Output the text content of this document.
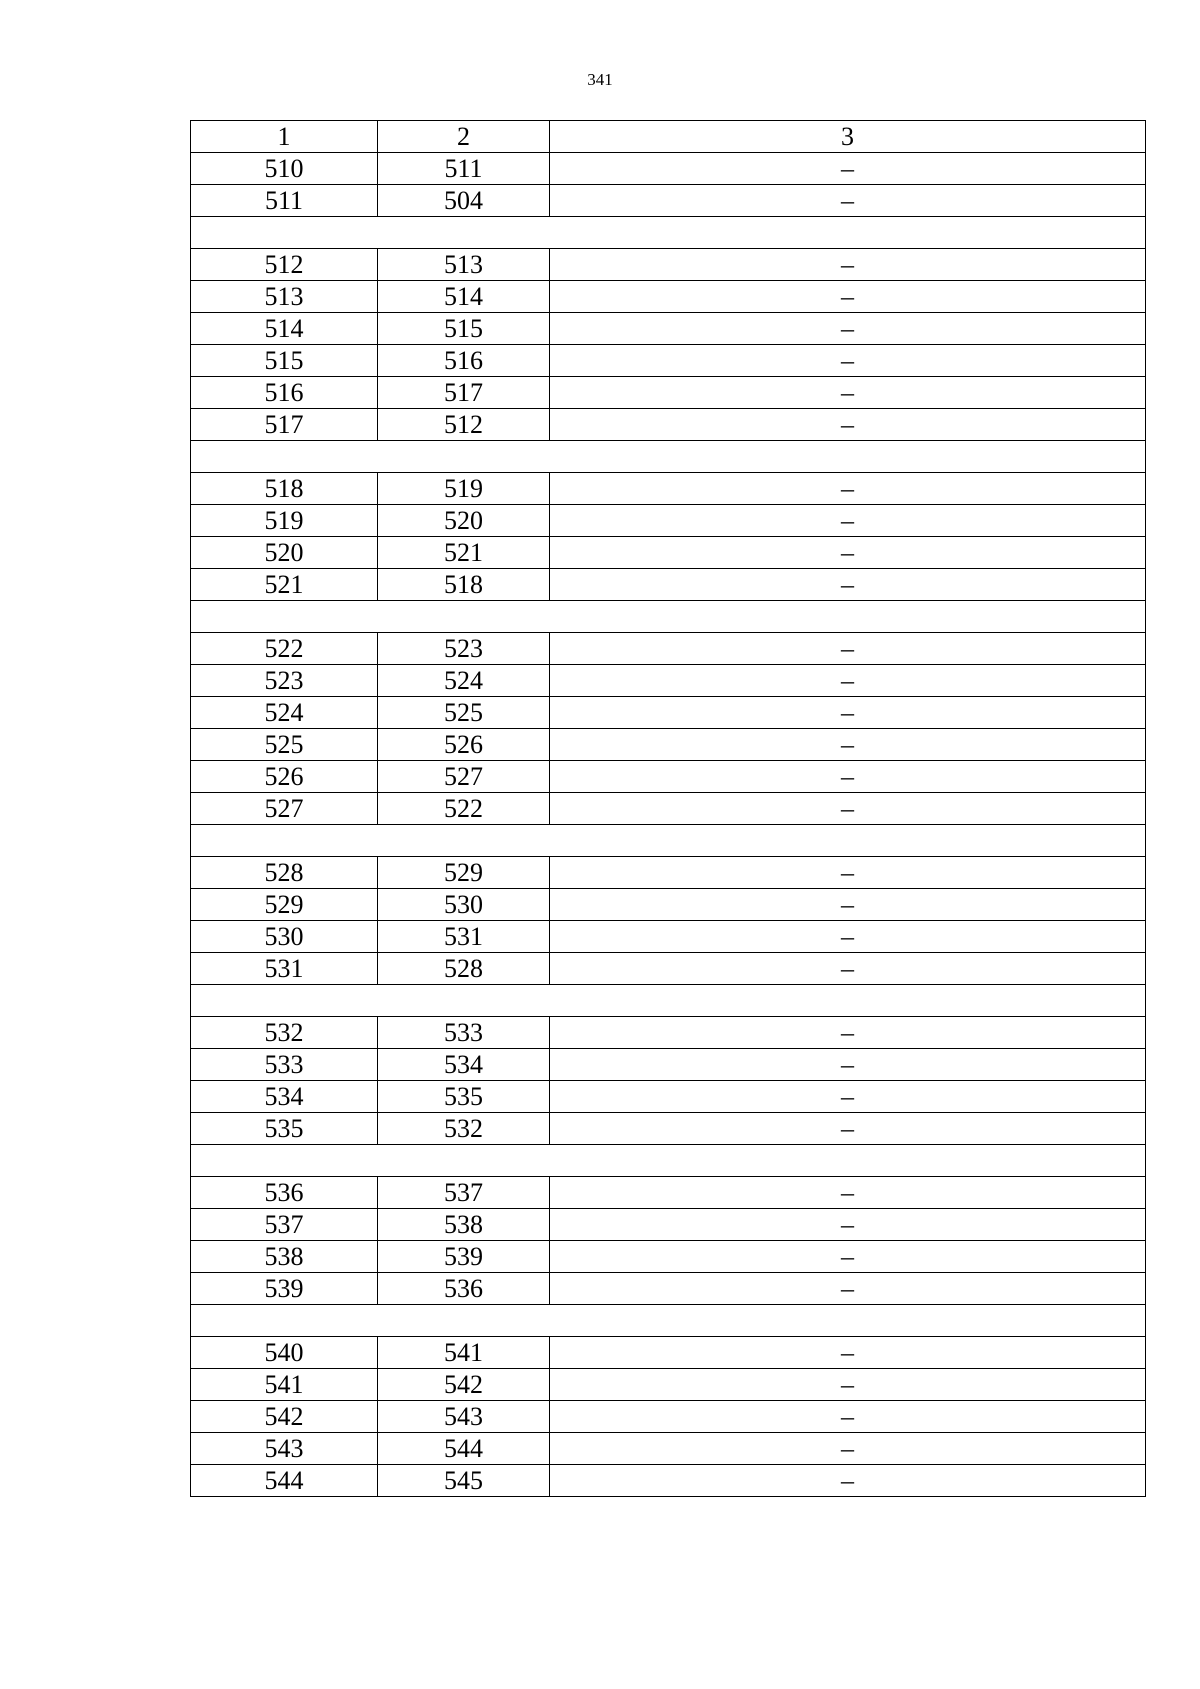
341
1	2	3
510	511	–
511	504	–

512	513	–
513	514	–
514	515	–
515	516	–
516	517	–
517	512	–

518	519	–
519	520	–
520	521	–
521	518	–

522	523	–
523	524	–
524	525	–
525	526	–
526	527	–
527	522	–

528	529	–
529	530	–
530	531	–
531	528	–

532	533	–
533	534	–
534	535	–
535	532	–

536	537	–
537	538	–
538	539	–
539	536	–

540	541	–
541	542	–
542	543	–
543	544	–
544	545	–
